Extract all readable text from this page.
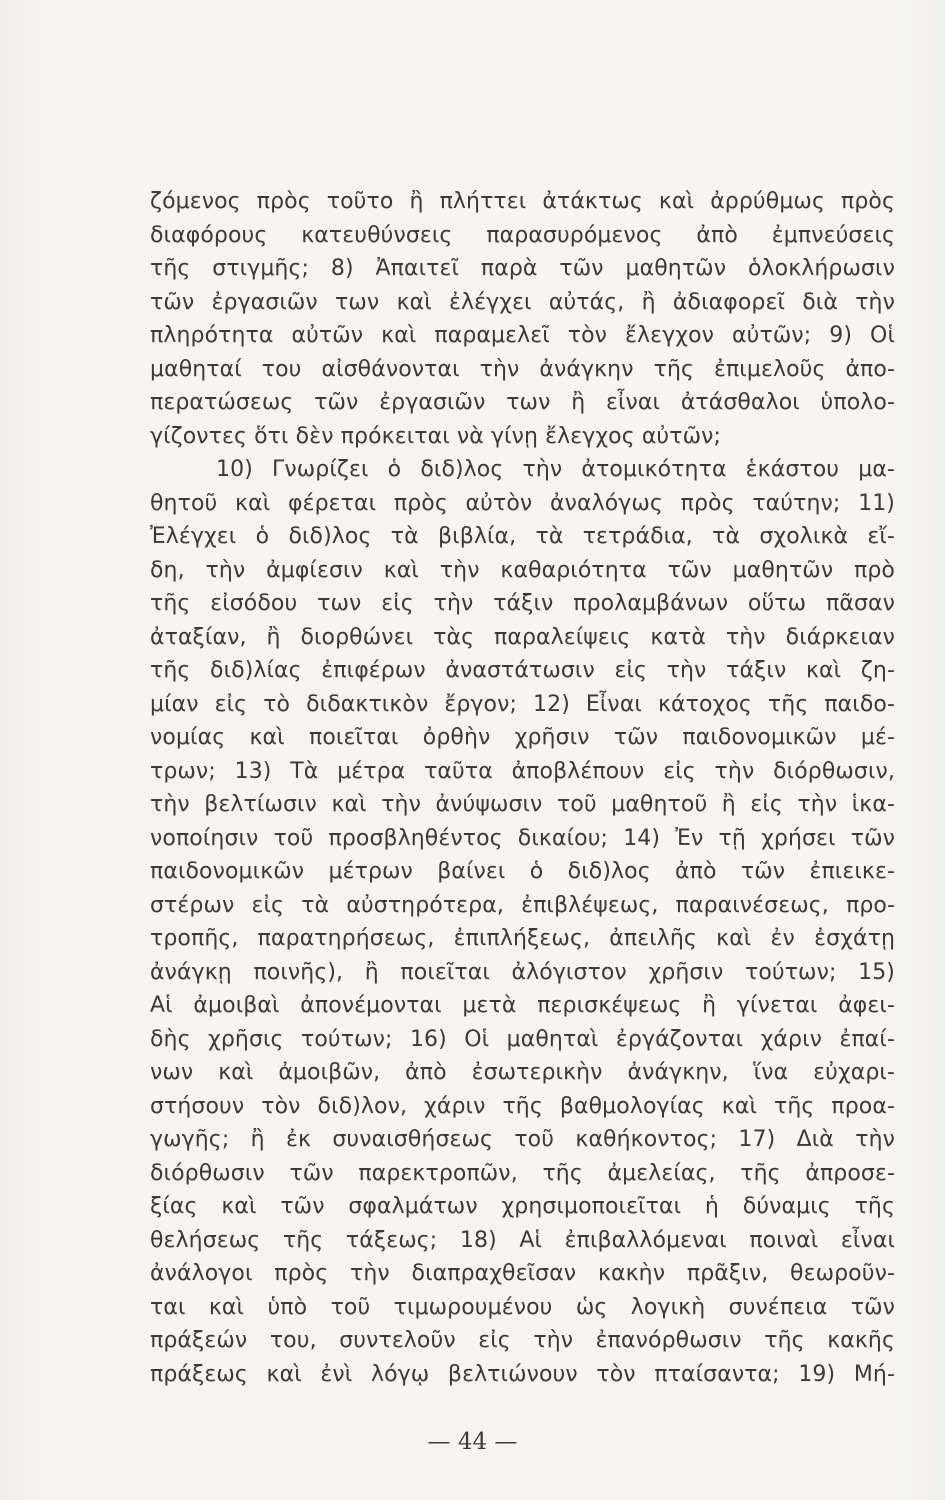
ζόμενος πρὸς τοῦτο ἢ πλήττει ἀτάκτως καὶ ἀρρύθμως πρὸς
διαφόρους κατευθύνσεις παρασυρόμενος ἀπὸ ἐμπνεύσεις
τῆς στιγμῆς; 8) Ἀπαιτεῖ παρὰ τῶν μαθητῶν ὁλοκλήρωσιν
τῶν ἐργασιῶν των καὶ ἐλέγχει αὐτάς, ἢ ἀδιαφορεῖ διὰ τὴν
πληρότητα αὐτῶν καὶ παραμελεῖ τὸν ἔλεγχον αὐτῶν; 9) Οἱ
μαθηταί του αἰσθάνονται τὴν ἀνάγκην τῆς ἐπιμελοῦς ἀπο-
περατώσεως τῶν ἐργασιῶν των ἢ εἶναι ἀτάσθαλοι ὑπολο-
γίζοντες ὅτι δὲν πρόκειται νὰ γίνῃ ἔλεγχος αὐτῶν;
10) Γνωρίζει ὁ διδ)λος τὴν ἀτομικότητα ἑκάστου μα-
θητοῦ καὶ φέρεται πρὸς αὐτὸν ἀναλόγως πρὸς ταύτην; 11)
Ἐλέγχει ὁ διδ)λος τὰ βιβλία, τὰ τετράδια, τὰ σχολικὰ εἴ-
δη, τὴν ἀμφίεσιν καὶ τὴν καθαριότητα τῶν μαθητῶν πρὸ
τῆς εἰσόδου των εἰς τὴν τάξιν προλαμβάνων οὕτω πᾶσαν
ἀταξίαν, ἢ διορθώνει τὰς παραλείψεις κατὰ τὴν διάρκειαν
τῆς διδ)λίας ἐπιφέρων ἀναστάτωσιν εἰς τὴν τάξιν καὶ ζη-
μίαν εἰς τὸ διδακτικὸν ἔργον; 12) Εἶναι κάτοχος τῆς παιδο-
νομίας καὶ ποιεῖται ὀρθὴν χρῆσιν τῶν παιδονομικῶν μέ-
τρων; 13) Τὰ μέτρα ταῦτα ἀποβλέπουν εἰς τὴν διόρθωσιν,
τὴν βελτίωσιν καὶ τὴν ἀνύψωσιν τοῦ μαθητοῦ ἢ εἰς τὴν ἱκα-
νοποίησιν τοῦ προσβληθέντος δικαίου; 14) Ἐν τῇ χρήσει τῶν
παιδονομικῶν μέτρων βαίνει ὁ διδ)λος ἀπὸ τῶν ἐπιεικε-
στέρων εἰς τὰ αὐστηρότερα, ἐπιβλέψεως, παραινέσεως, προ-
τροπῆς, παρατηρήσεως, ἐπιπλήξεως, ἀπειλῆς καὶ ἐν ἐσχάτῃ
ἀνάγκῃ ποινῆς), ἢ ποιεῖται ἀλόγιστον χρῆσιν τούτων; 15)
Αἱ ἀμοιβαὶ ἀπονέμονται μετὰ περισκέψεως ἢ γίνεται ἀφει-
δὴς χρῆσις τούτων; 16) Οἱ μαθηταὶ ἐργάζονται χάριν ἐπαί-
νων καὶ ἀμοιβῶν, ἀπὸ ἐσωτερικὴν ἀνάγκην, ἵνα εὐχαρι-
στήσουν τὸν διδ)λον, χάριν τῆς βαθμολογίας καὶ τῆς προα-
γωγῆς; ἢ ἐκ συναισθήσεως τοῦ καθήκοντος; 17) Διὰ τὴν
διόρθωσιν τῶν παρεκτροπῶν, τῆς ἀμελείας, τῆς ἀπροσε-
ξίας καὶ τῶν σφαλμάτων χρησιμοποιεῖται ἡ δύναμις τῆς
θελήσεως τῆς τάξεως; 18) Αἱ ἐπιβαλλόμεναι ποιναὶ εἶναι
ἀνάλογοι πρὸς τὴν διαπραχθεῖσαν κακὴν πρᾶξιν, θεωροῦν-
ται καὶ ὑπὸ τοῦ τιμωρουμένου ὡς λογικὴ συνέπεια τῶν
πράξεών του, συντελοῦν εἰς τὴν ἐπανόρθωσιν τῆς κακῆς
πράξεως καὶ ἐνὶ λόγῳ βελτιώνουν τὸν πταίσαντα; 19) Μή-
— 44 —
